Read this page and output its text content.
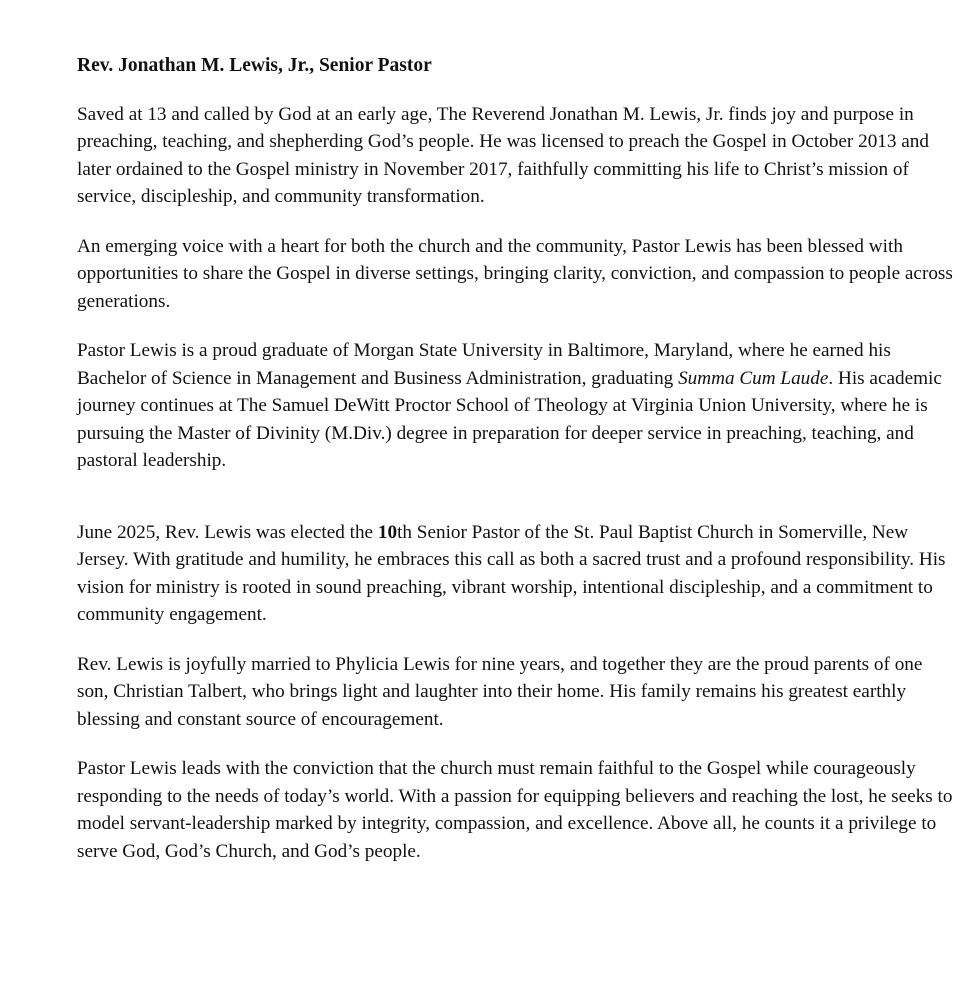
Rev. Jonathan M. Lewis, Jr., Senior Pastor

Saved at 13 and called by God at an early age, The Reverend Jonathan M. Lewis, Jr. finds joy and purpose in preaching, teaching, and shepherding God’s people. He was licensed to preach the Gospel in October 2013 and later ordained to the Gospel ministry in November 2017, faithfully committing his life to Christ’s mission of service, discipleship, and community transformation.

An emerging voice with a heart for both the church and the community, Pastor Lewis has been blessed with opportunities to share the Gospel in diverse settings, bringing clarity, conviction, and compassion to people across generations.

Pastor Lewis is a proud graduate of Morgan State University in Baltimore, Maryland, where he earned his Bachelor of Science in Management and Business Administration, graduating Summa Cum Laude. His academic journey continues at The Samuel DeWitt Proctor School of Theology at Virginia Union University, where he is pursuing the Master of Divinity (M.Div.) degree in preparation for deeper service in preaching, teaching, and pastoral leadership.

June 2025, Rev. Lewis was elected the 10th Senior Pastor of the St. Paul Baptist Church in Somerville, New Jersey. With gratitude and humility, he embraces this call as both a sacred trust and a profound responsibility. His vision for ministry is rooted in sound preaching, vibrant worship, intentional discipleship, and a commitment to community engagement.

Rev. Lewis is joyfully married to Phylicia Lewis for nine years, and together they are the proud parents of one son, Christian Talbert, who brings light and laughter into their home. His family remains his greatest earthly blessing and constant source of encouragement.

Pastor Lewis leads with the conviction that the church must remain faithful to the Gospel while courageously responding to the needs of today’s world. With a passion for equipping believers and reaching the lost, he seeks to model servant-leadership marked by integrity, compassion, and excellence. Above all, he counts it a privilege to serve God, God’s Church, and God’s people.
